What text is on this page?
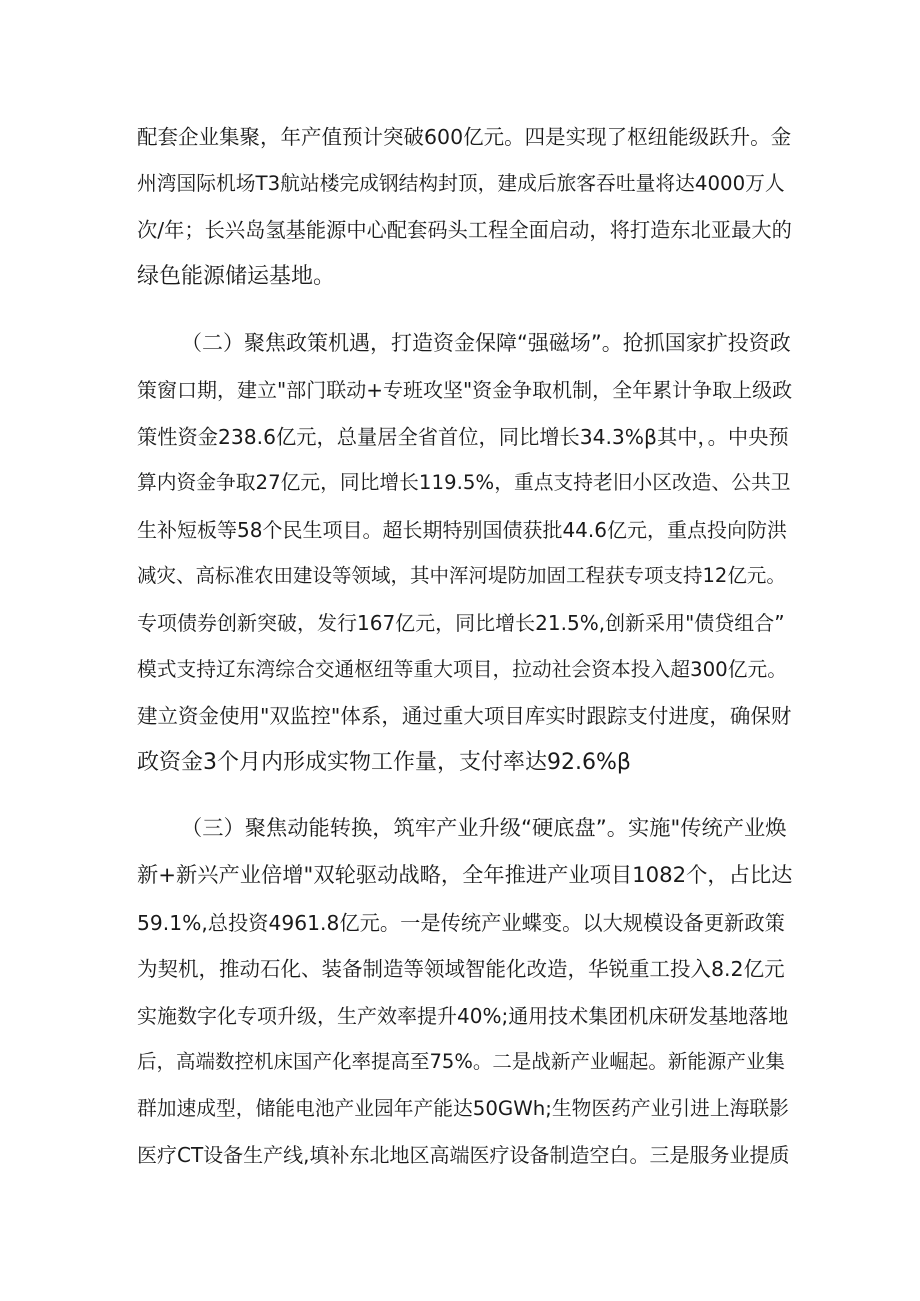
配套企业集聚，年产值预计突破600亿元。四是实现了枢纽能级跃升。金
州湾国际机场T3航站楼完成钢结构封顶，建成后旅客吞吐量将达4000万人
次/年；长兴岛氢基能源中心配套码头工程全面启动，将打造东北亚最大的
绿色能源储运基地。
（二）聚焦政策机遇，打造资金保障“强磁场”。抢抓国家扩投资政
策窗口期，建立"部门联动+专班攻坚"资金争取机制，全年累计争取上级政
策性资金238.6亿元，总量居全省首位，同比增长34.3%β其中，。中央预
算内资金争取27亿元，同比增长119.5%，重点支持老旧小区改造、公共卫
生补短板等58个民生项目。超长期特别国债获批44.6亿元，重点投向防洪
减灾、高标准农田建设等领域，其中浑河堤防加固工程获专项支持12亿元。
专项债券创新突破，发行167亿元，同比增长21.5%,创新采用"债贷组合”
模式支持辽东湾综合交通枢纽等重大项目，拉动社会资本投入超300亿元。
建立资金使用"双监控"体系，通过重大项目库实时跟踪支付进度，确保财
政资金3个月内形成实物工作量，支付率达92.6%β
（三）聚焦动能转换，筑牢产业升级“硬底盘”。实施"传统产业焕
新+新兴产业倍增"双轮驱动战略，全年推进产业项目1082个，占比达
59.1%,总投资4961.8亿元。一是传统产业蝶变。以大规模设备更新政策
为契机，推动石化、装备制造等领域智能化改造，华锐重工投入8.2亿元
实施数字化专项升级，生产效率提升40%;通用技术集团机床研发基地落地
后，高端数控机床国产化率提高至75%。二是战新产业崛起。新能源产业集
群加速成型，储能电池产业园年产能达50GWh;生物医药产业引进上海联影
医疗CT设备生产线,填补东北地区高端医疗设备制造空白。三是服务业提质
